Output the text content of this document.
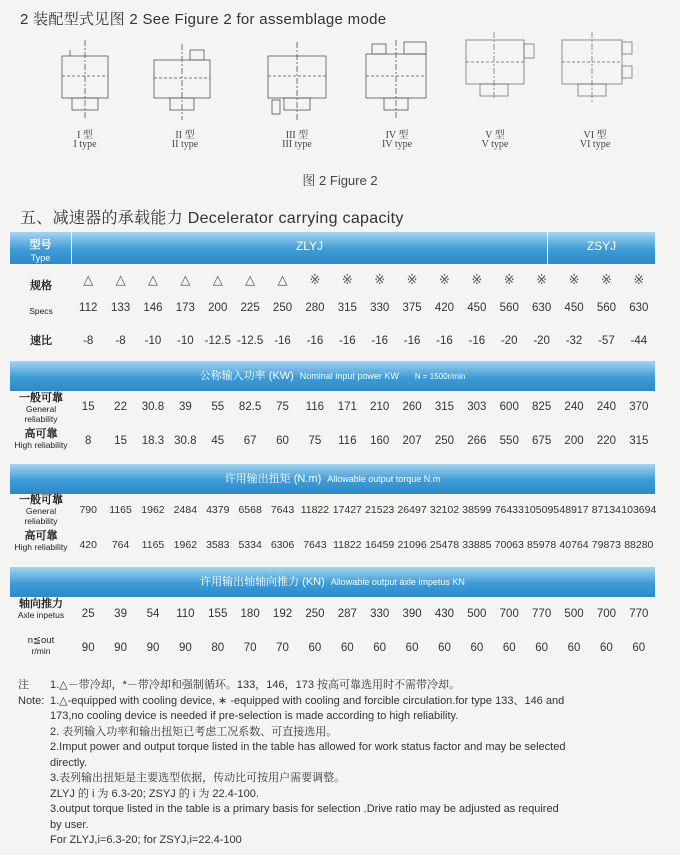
2 装配型式见图 2 See Figure 2 for assemblage mode
I 型
I type
II 型
II type
III 型
III type
IV 型
IV type
V 型
V type
VI 型
VI type
图 2 Figure 2
五、减速器的承载能力 Decelerator carrying capacity
型号
Type
ZLYJ	ZSYJ
规格	△	△	△	△	△	△	△	※	※	※	※	※	※	※	※	※	※	※
Specs	112	133	146	173	200	225	250	280	315	330	375	420	450	560	630	450	560	630
速比	-8	-8	-10	-10 -12.5 -12.5 -16	-16	-16	-16	-16	-16	-16	-20	-20	-32	-57	-44
公称输入功率 (KW) Nominal input power KW N = 1500r/min
一般可靠
General reliability
15	22	30.8	39	55	82.5	75	116	171	210	260	315	303	600	825	240	240	370
高可靠
High reliability	8	15	18.3 30.8	45	67	60	75	116	160	207	250	266	550	675	200	220	315
许用输出扭矩 (N.m) Allowable output torque N.m
一般可靠
General reliability
790	1165 1962 2484 4379 6568 7643 11822 17427 21523 26497 32102 38599 76433 105095 48917 87134 103694
高可靠
High reliability	420	764	1165 1962 3583 5334 6306 7643 11822 16459 21096 25478 33885 70063 85978 40764 79873 88280
许用输出轴轴向推力 (KN) Allowable output axle impetus KN
轴向推力
Axle inpetus	25	39	54	110	155	180	192	250	287	330	390	430	500	700	770	500	700	770
n≦out
r/min	90	90	90	90	80	70	70	60	60	60	60	60	60	60	60	60	60	60
注 1.△－带冷却，*－带冷却和强制循环。133，146，173 按高可靠选用时不需带冷却。
Note: 1.△-equipped with cooling device, ∗ -equipped with cooling and forcible circulation.for type 133、146 and
173,no cooling device is needed if pre-selection is made according to high reliability.
2. 表列输入功率和输出扭矩已考虑工况系数、可直接选用。
2.Imput power and output torque listed in the table has allowed for work status factor and may be selected
directly.
3.表列输出扭矩是主要选型依据，传动比可按用户需要调整。
ZLYJ 的 i 为 6.3-20; ZSYJ 的 i 为 22.4-100.
3.output torque listed in the table is a primary basis for selection .Drive ratio may be adjusted as required
by user.
For ZLYJ,i=6.3-20; for ZSYJ,i=22.4-100
